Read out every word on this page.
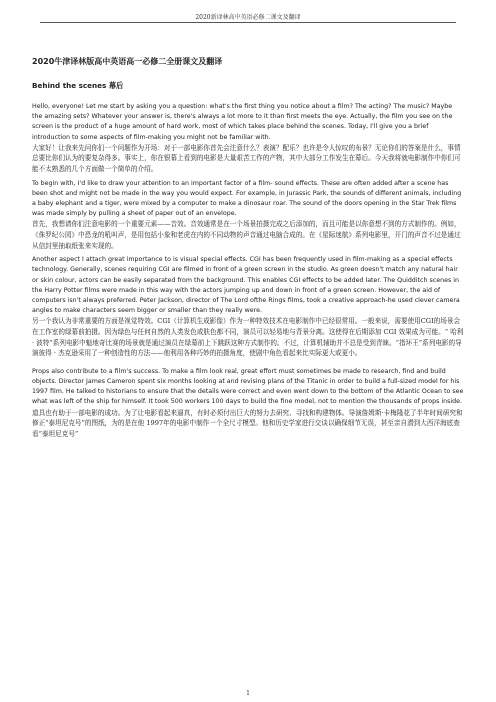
2020新译林高中英语必修二课文及翻译
2020牛津译林版高中英语高一必修二全册课文及翻译
Behind the scenes 幕后

Hello, everyone! Let me start by asking you a question: what's the first thing you notice about a film? The acting? The music? Maybe the amazing sets? Whatever your answer is, there's always a lot more to it than first meets the eye. Actually, the film you see on the screen is the product of a huge amount of hard work, most of which takes place behind the scenes. Today, I'll give you a brief introduction to some aspects of film-making you might not be familiar with.

大家好！让我来先问你们一个问题作为开场：对于一部电影你首先会注意什么？表演？配乐？也许是令人惊叹的布景？无论你们的答案是什么，事情总要比你们认为的要复杂得多。事实上，你在银幕上看到的电影是大量艰苦工作的产物，其中大部分工作发生在幕后。今天我将就电影制作中你们可能不太熟悉的几个方面做一个简单的介绍。

To begin with, I'd like to draw your attention to an important factor of a film- sound effects. These are often added after a scene has been shot and might not be made in the way you would expect. For example, in Jurassic Park, the sounds of different animals, including a baby elephant and a tiger, were mixed by a computer to make a dinosaur roar. The sound of the doors opening in the Star Trek films was made simply by pulling a sheet of paper out of an envelope.

首先，我想请你们注意电影的一个重要元素——音效。音效通常是在一个场景拍摄完成之后添加的，而且可能是以你意想不到的方式制作的。例如，《侏罗纪公园》中恐龙的吼叫声，是用包括小象和老虎在内的不同动物的声音通过电脑合成的。在《星际迷航》系列电影里，开门的声音不过是通过从信封里抽取纸张来实现的。

Another aspect I attach great importance to is visual special effects. CGI has been frequently used in film-making as a special effects technology. Generally, scenes requiring CGI are filmed in front of a green screen in the studio. As green doesn't match any natural hair or skin colour, actors can be easily separated from the background. This enables CGI effects to be added later. The Quidditch scenes in the Harry Potter films were made in this way with the actors jumping up and down in front of a green screen. However, the aid of computers isn't always preferred. Peter Jackson, director of The Lord ofthe Rings films, took a creative approach-he used clever camera angles to make characters seem bigger or smaller than they really were.

另一个我认为非常重要的方面是视觉特效。CGI（计算机生成影像）作为一种特效技术在电影制作中已经很常用。一般来说，需要使用CGI的场景会在工作室的绿幕前拍摄。因为绿色与任何自然的人类发色或肤色都不同，演员可以轻易地与背景分离。这使得在后期添加 CGI 效果成为可能。“ 哈利 · 波特”系列电影中魁地奇比赛的场景就是通过演员在绿幕前上下跳跃这种方式制作的。不过，计算机辅助并不总是受到青睐。“指环王”系列电影的导演彼得 · 杰克逊采用了一种创造性的方法——他利用各种巧妙的拍摄角度，使剧中角色看起来比实际更大或更小。

Props also contribute to a film's success. To make a film look real, great effort must sometimes be made to research, find and build objects. Director James Cameron spent six months looking at and revising plans of the Titanic in order to build a full-sized model for his 1997 film. He talked to historians to ensure that the details were correct and even went down to the bottom of the Atlantic Ocean to see what was left of the ship for himself. It took 500 workers 100 days to build the fine model, not to mention the thousands of props inside.

道具也有助于一部电影的成功。为了让电影看起来逼真，有时必须付出巨大的努力去研究、寻找和构建物体。导演詹姆斯·卡梅隆花了半年时间研究和修正“泰坦尼克号”的图纸，为的是在他 1997年的电影中制作一个全尺寸模型。他和历史学家进行交谈以确保细节无误，甚至亲自潜到大西洋海底查看“泰坦尼克号”

1
